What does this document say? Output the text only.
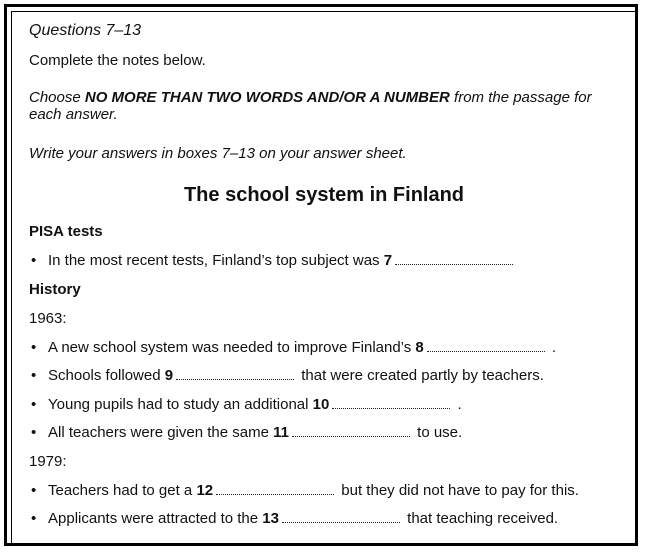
Questions 7–13
Complete the notes below.
Choose NO MORE THAN TWO WORDS AND/OR A NUMBER from the passage for
each answer.
Write your answers in boxes 7–13 on your answer sheet.
The school system in Finland
PISA tests
• In the most recent tests, Finland’s top subject was 7
History
1963:
• A new school system was needed to improve Finland’s 8	.
• Schools followed 9	that were created partly by teachers.
• Young pupils had to study an additional 10	.
• All teachers were given the same 11	to use.
1979:
• Teachers had to get a 12	but they did not have to pay for this.
• Applicants were attracted to the 13	that teaching received.
